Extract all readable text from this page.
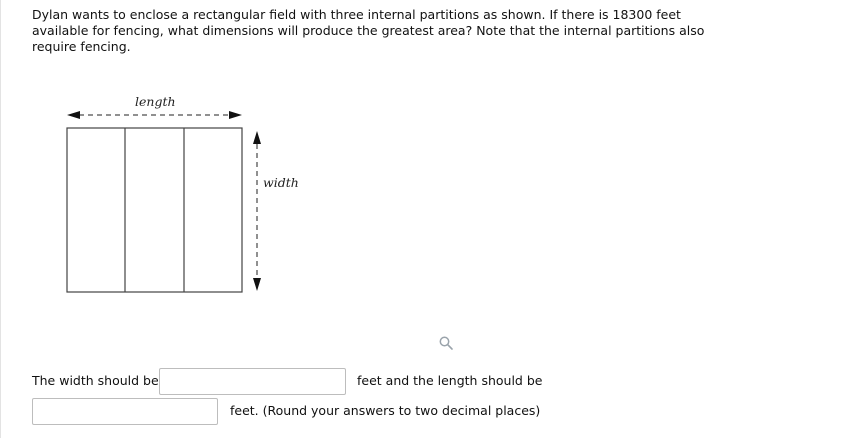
Dylan wants to enclose a rectangular field with three internal partitions as shown. If there is 18300 feet available for fencing, what dimensions will produce the greatest area? Note that the internal partitions also require fencing.

length
width
The width should be	feet and the length should be
feet. (Round your answers to two decimal places)
